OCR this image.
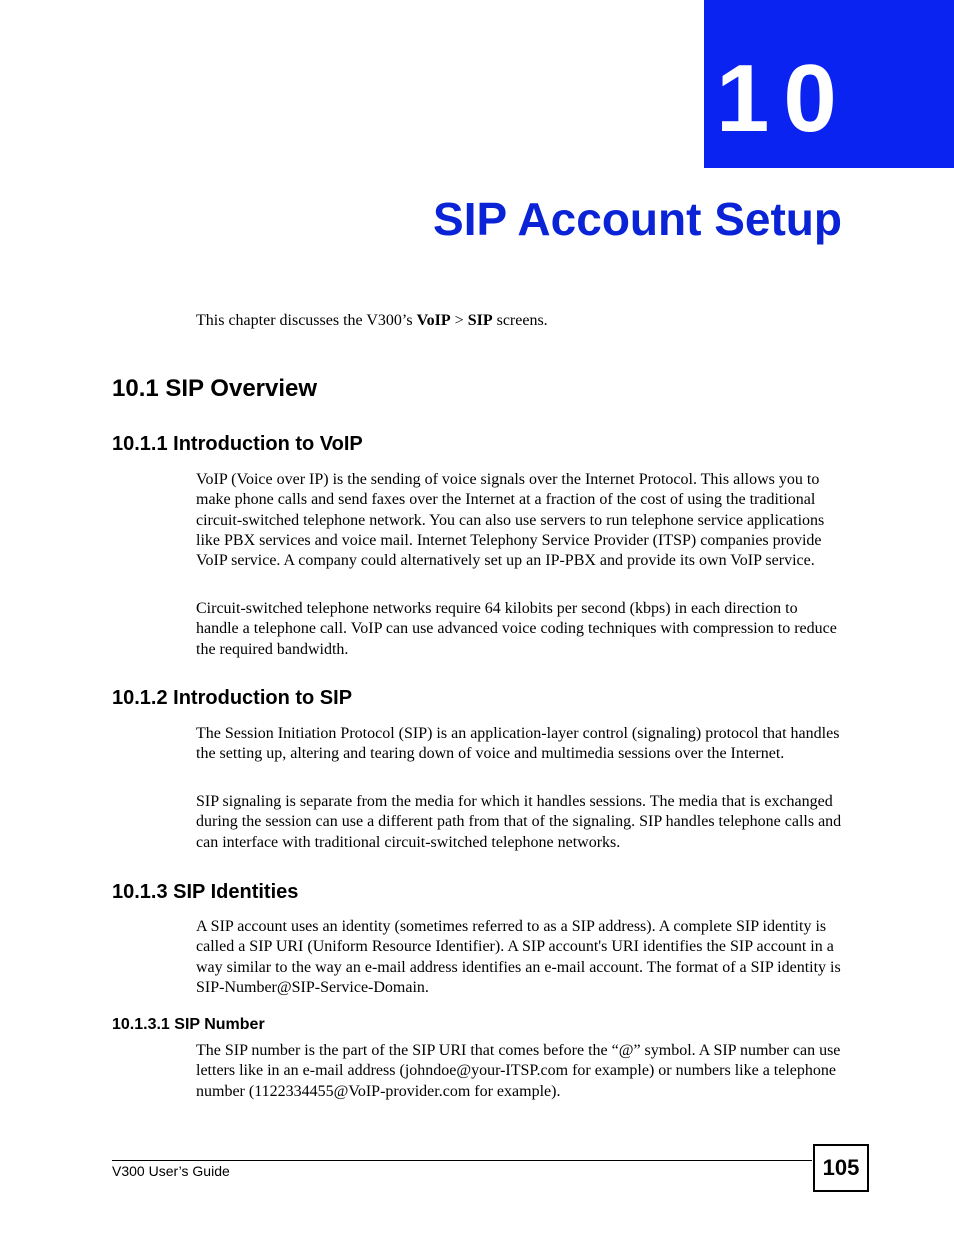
10
SIP Account Setup

This chapter discusses the V300’s VoIP > SIP screens.

10.1 SIP Overview
10.1.1 Introduction to VoIP

VoIP (Voice over IP) is the sending of voice signals over the Internet Protocol. This allows you to make phone calls and send faxes over the Internet at a fraction of the cost of using the traditional circuit-switched telephone network. You can also use servers to run telephone service applications like PBX services and voice mail. Internet Telephony Service Provider (ITSP) companies provide VoIP service. A company could alternatively set up an IP-PBX and provide its own VoIP service.

Circuit-switched telephone networks require 64 kilobits per second (kbps) in each direction to handle a telephone call. VoIP can use advanced voice coding techniques with compression to reduce the required bandwidth.

10.1.2 Introduction to SIP

The Session Initiation Protocol (SIP) is an application-layer control (signaling) protocol that handles the setting up, altering and tearing down of voice and multimedia sessions over the Internet.

SIP signaling is separate from the media for which it handles sessions. The media that is exchanged during the session can use a different path from that of the signaling. SIP handles telephone calls and can interface with traditional circuit-switched telephone networks.

10.1.3 SIP Identities

A SIP account uses an identity (sometimes referred to as a SIP address). A complete SIP identity is called a SIP URI (Uniform Resource Identifier). A SIP account's URI identifies the SIP account in a way similar to the way an e-mail address identifies an e-mail account. The format of a SIP identity is SIP-Number@SIP-Service-Domain.

10.1.3.1 SIP Number

The SIP number is the part of the SIP URI that comes before the “@” symbol. A SIP number can use letters like in an e-mail address (johndoe@your-ITSP.com for example) or numbers like a telephone number (1122334455@VoIP-provider.com for example).

V300 User’s Guide	105
